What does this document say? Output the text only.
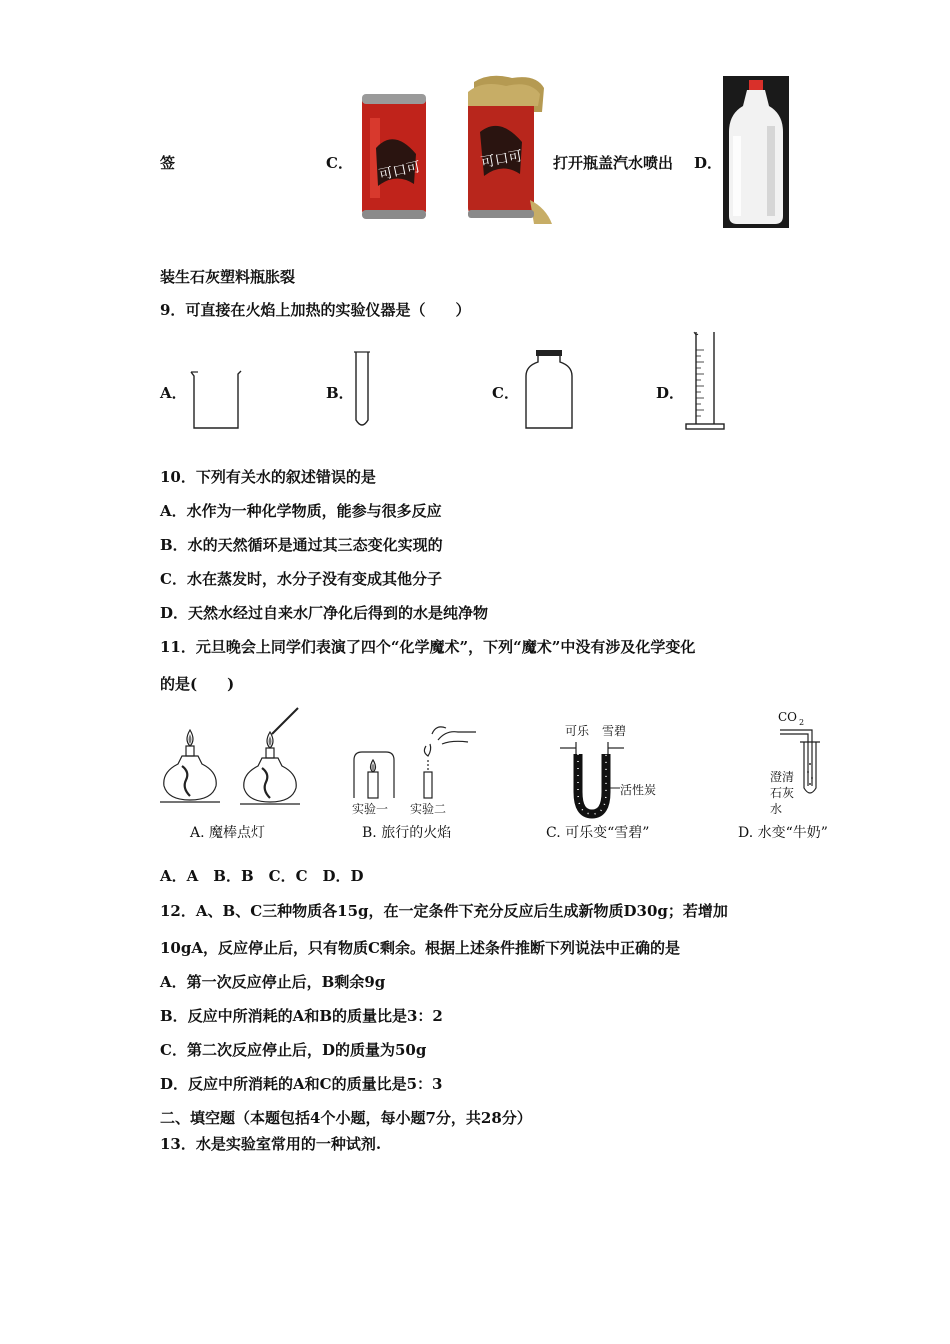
签	C． 可口可	可口可 打开瓶盖汽水喷出 D．
装生石灰塑料瓶胀裂
9．可直接在火焰上加热的实验仪器是（　　）
A．	B．	C．	D．
10．下列有关水的叙述错误的是
A．水作为一种化学物质，能参与很多反应
B．水的天然循环是通过其三态变化实现的
C．水在蒸发时，水分子没有变成其他分子
D．天然水经过自来水厂净化后得到的水是纯净物
11．元旦晚会上同学们表演了四个“化学魔术”，下列“魔术”中没有涉及化学变化
的是(　　)
实验一 实验二
可乐 雪碧
活性炭
CO 2
澄清
石灰
水
A. 魔棒点灯	B. 旅行的火焰	C. 可乐变“雪碧”	D. 水变“牛奶”
A．A　B．B　C．C　D．D
12．A、B、C三种物质各15g，在一定条件下充分反应后生成新物质D30g；若增加
10gA，反应停止后，只有物质C剩余。根据上述条件推断下列说法中正确的是
A．第一次反应停止后，B剩余9g
B．反应中所消耗的A和B的质量比是3：2
C．第二次反应停止后，D的质量为50g
D．反应中所消耗的A和C的质量比是5：3
二、填空题（本题包括4个小题，每小题7分，共28分）
13．水是实验室常用的一种试剂.
